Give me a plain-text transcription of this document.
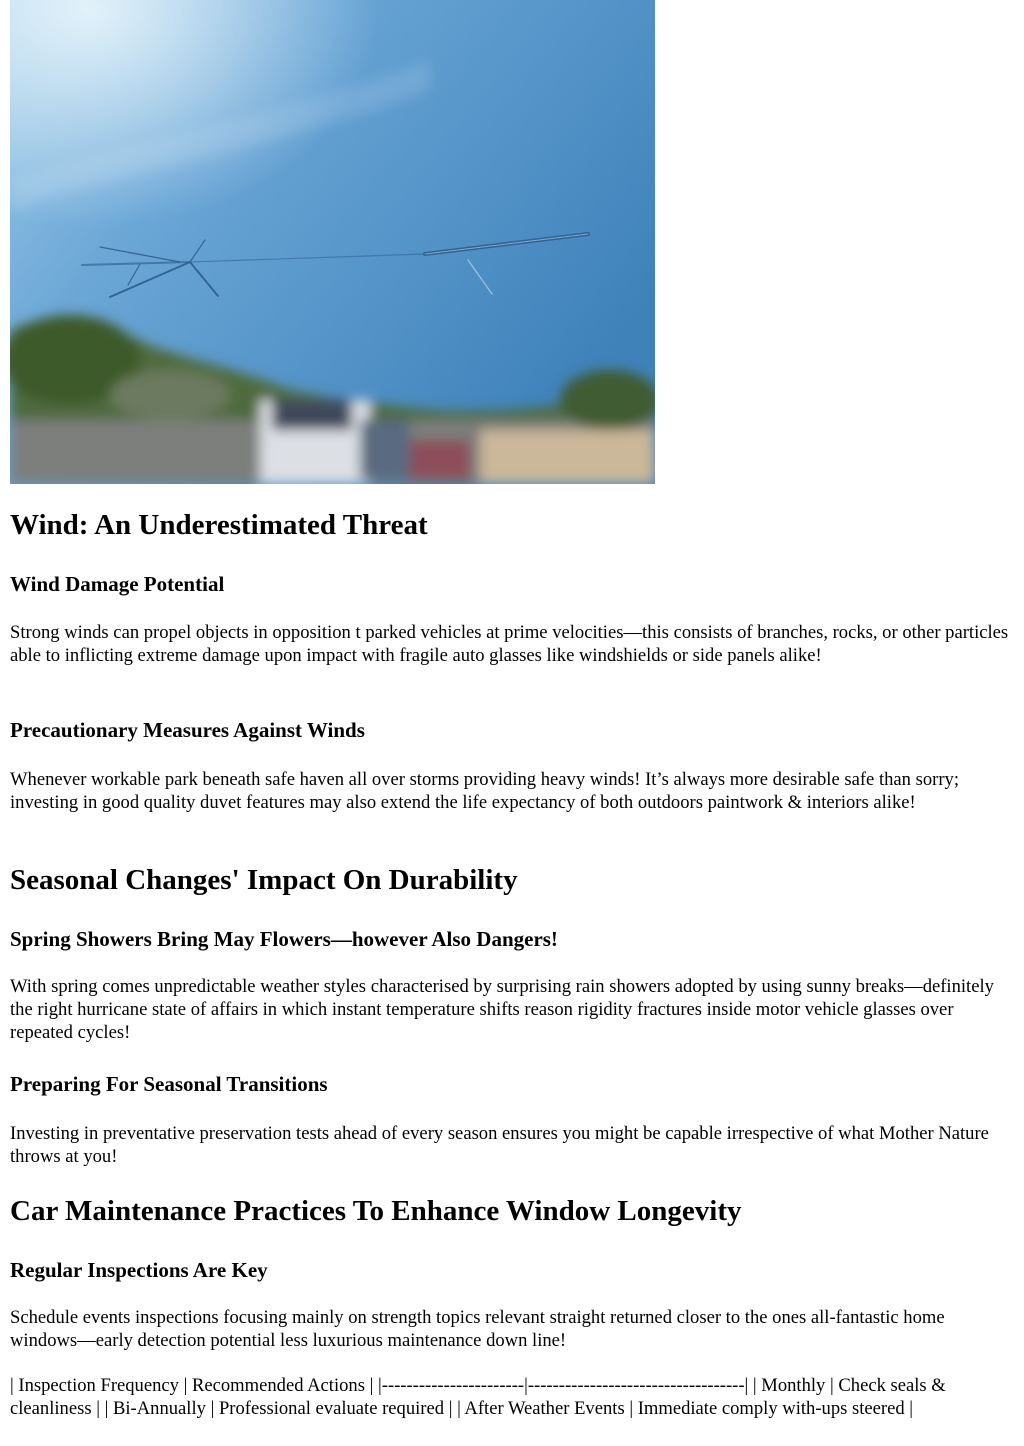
Wind: An Underestimated Threat
Wind Damage Potential

Strong winds can propel objects in opposition t parked vehicles at prime velocities—this consists of branches, rocks, or other particles able to inflicting extreme damage upon impact with fragile auto glasses like windshields or side panels alike!

Precautionary Measures Against Winds

Whenever workable park beneath safe haven all over storms providing heavy winds! It’s always more desirable safe than sorry; investing in good quality duvet features may also extend the life expectancy of both outdoors paintwork & interiors alike!

Seasonal Changes' Impact On Durability
Spring Showers Bring May Flowers—however Also Dangers!

With spring comes unpredictable weather styles characterised by surprising rain showers adopted by using sunny breaks—definitely the right hurricane state of affairs in which instant temperature shifts reason rigidity fractures inside motor vehicle glasses over repeated cycles!

Preparing For Seasonal Transitions

Investing in preventative preservation tests ahead of every season ensures you might be capable irrespective of what Mother Nature throws at you!

Car Maintenance Practices To Enhance Window Longevity
Regular Inspections Are Key

Schedule events inspections focusing mainly on strength topics relevant straight returned closer to the ones all-fantastic home windows—early detection potential less luxurious maintenance down line!

| Inspection Frequency | Recommended Actions | |-----------------------|-----------------------------------| | Monthly | Check seals & cleanliness | | Bi-Annually | Professional evaluate required | | After Weather Events | Immediate comply with-ups steered |
